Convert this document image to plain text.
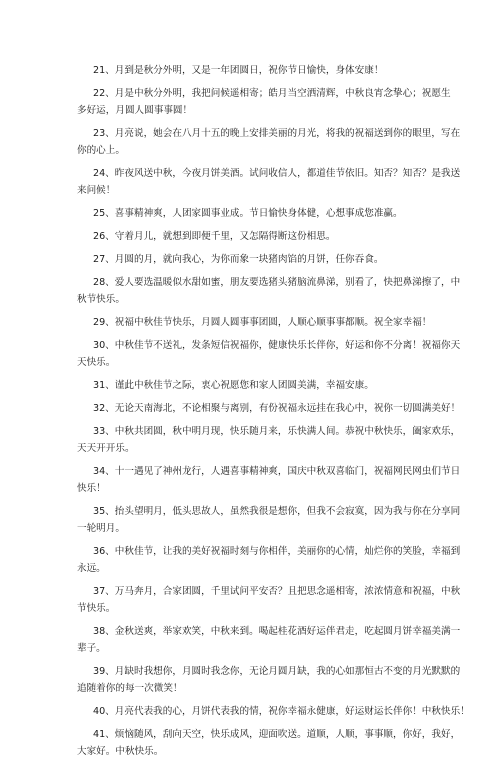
21、月到是秋分外明，又是一年团圆日，祝你节日愉快，身体安康！

22、月是中秋分外明，我把问候遥相寄；皓月当空洒清辉，中秋良宵念挚心；祝愿生
多好运，月圆人圆事事圆！

23、月亮说，她会在八月十五的晚上安排美丽的月光，将我的祝福送到你的眼里，写在
你的心上。

24、昨夜风送中秋，今夜月饼美酒。试问收信人，都道佳节依旧。知否？知否？是我送
来问候！

25、喜事精神爽，人团家圆事业成。节日愉快身体健，心想事成您准赢。

26、守着月儿，就想到即便千里，又怎隔得断这份相思。

27、月圆的月，就向我心，为你而象一块猪肉馅的月饼，任你吞食。

28、爱人要选温暖似水甜如蜜，朋友要选猪头猪脑流鼻涕，别看了，快把鼻涕擦了，中
秋节快乐。

29、祝福中秋佳节快乐，月圆人圆事事团圆，人顺心顺事事都顺。祝全家幸福！

30、中秋佳节不送礼，发条短信祝福你，健康快乐长伴你，好运和你不分离！祝福你天
天快乐。

31、谨此中秋佳节之际，衷心祝愿您和家人团圆美满，幸福安康。

32、无论天南海北，不论相聚与离别，有份祝福永远挂在我心中，祝你一切圆满美好！

33、中秋共团圆，秋中明月现，快乐随月来，乐快满人间。恭祝中秋快乐，阖家欢乐，
天天开开乐。

34、十一遇见了神州龙行，人遇喜事精神爽，国庆中秋双喜临门，祝福网民网虫们节日
快乐！

35、抬头望明月，低头思故人，虽然我很是想你，但我不会寂寞，因为我与你在分享同
一轮明月。

36、中秋佳节，让我的美好祝福时刻与你相伴，美丽你的心情，灿烂你的笑脸，幸福到
永远。

37、万马奔月，合家团圆，千里试问平安否？且把思念遥相寄，浓浓情意和祝福，中秋
节快乐。

38、金秋送爽，举家欢笑，中秋来到。喝起桂花酒好运伴君走，吃起圆月饼幸福美满一
辈子。

39、月缺时我想你，月圆时我念你，无论月圆月缺，我的心如那恒古不变的月光默默的
追随着你的每一次微笑！

40、月亮代表我的心，月饼代表我的情，祝你幸福永健康，好运财运长伴你！中秋快乐！

41、烦恼随风，刮向天空，快乐成风，迎面吹送。道顺，人顺，事事顺，你好，我好，
大家好。中秋快乐。
